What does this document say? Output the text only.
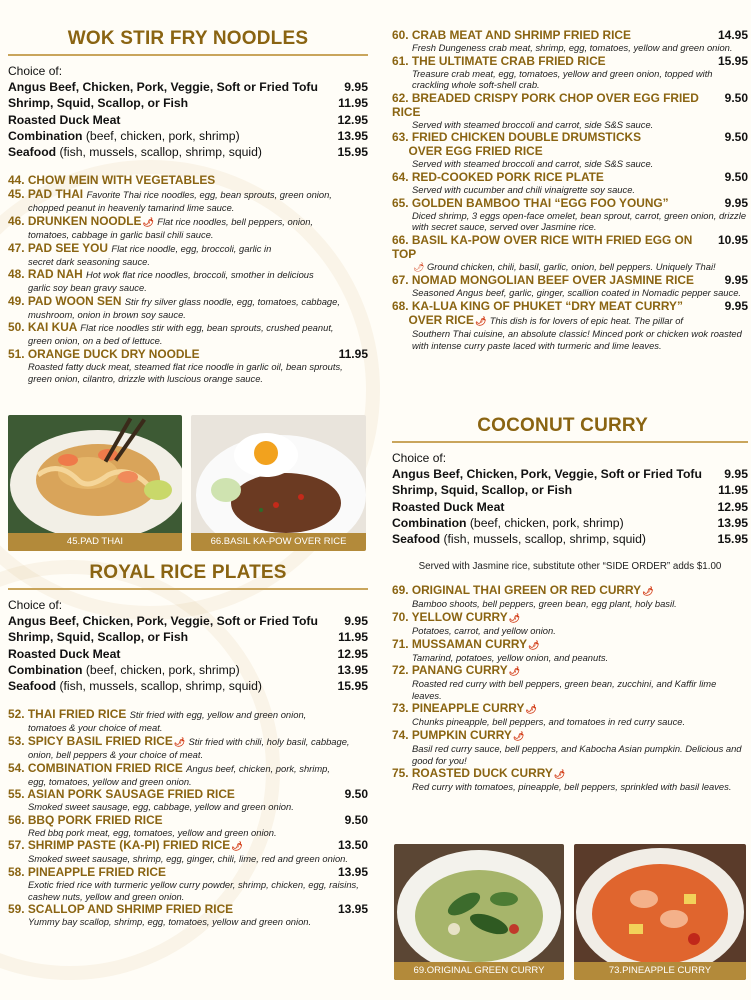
WOK STIR FRY NOODLES
Choice of:
Angus Beef, Chicken, Pork, Veggie, Soft or Fried Tofu 9.95
Shrimp, Squid, Scallop, or Fish	11.95
Roasted Duck Meat	12.95
Combination (beef, chicken, pork, shrimp)	13.95
Seafood (fish, mussels, scallop, shrimp, squid)	15.95
44. CHOW MEIN WITH VEGETABLES
45. PAD THAI Favorite Thai rice noodles, egg, bean sprouts, green onion,
chopped peanut in heavenly tamarind lime sauce.
46. DRUNKEN NOODLE🌶 Flat rice noodles, bell peppers, onion,
tomatoes, cabbage in garlic basil chili sauce.
47. PAD SEE YOU Flat rice noodle, egg, broccoli, garlic in
secret dark seasoning sauce.
48. RAD NAH Hot wok flat rice noodles, broccoli, smother in delicious
garlic soy bean gravy sauce.
49. PAD WOON SEN Stir fry silver glass noodle, egg, tomatoes, cabbage,
mushroom, onion in brown soy sauce.
50. KAI KUA Flat rice noodles stir with egg, bean sprouts, crushed peanut,
green onion, on a bed of lettuce.
51. ORANGE DUCK DRY NOODLE	11.95
Roasted fatty duck meat, steamed flat rice noodle in garlic oil, bean sprouts, green onion, cilantro, drizzle with luscious orange sauce.
45.PAD THAI	66.BASIL KA-POW OVER RICE
ROYAL RICE PLATES
Choice of:
Angus Beef, Chicken, Pork, Veggie, Soft or Fried Tofu 9.95
Shrimp, Squid, Scallop, or Fish	11.95
Roasted Duck Meat	12.95
Combination (beef, chicken, pork, shrimp)	13.95
Seafood (fish, mussels, scallop, shrimp, squid)	15.95
52. THAI FRIED RICE Stir fried with egg, yellow and green onion,
tomatoes & your choice of meat.
53. SPICY BASIL FRIED RICE🌶 Stir fried with chili, holy basil, cabbage,
onion, bell peppers & your choice of meat.
54. COMBINATION FRIED RICE Angus beef, chicken, pork, shrimp,
egg, tomatoes, yellow and green onion.
55. ASIAN PORK SAUSAGE FRIED RICE	9.50
Smoked sweet sausage, egg, cabbage, yellow and green onion.
56. BBQ PORK FRIED RICE	9.50
Red bbq pork meat, egg, tomatoes, yellow and green onion.
57. SHRIMP PASTE (KA-PI) FRIED RICE🌶	13.50
Smoked sweet sausage, shrimp, egg, ginger, chili, lime, red and green onion.
58. PINEAPPLE FRIED RICE	13.95
Exotic fried rice with turmeric yellow curry powder, shrimp, chicken, egg, raisins, cashew nuts, yellow and green onion.
59. SCALLOP AND SHRIMP FRIED RICE	13.95
Yummy bay scallop, shrimp, egg, tomatoes, yellow and green onion.
60. CRAB MEAT AND SHRIMP FRIED RICE	14.95
Fresh Dungeness crab meat, shrimp, egg, tomatoes, yellow and green onion.
61. THE ULTIMATE CRAB FRIED RICE	15.95
Treasure crab meat, egg, tomatoes, yellow and green onion, topped with crackling whole soft-shell crab.
62. BREADED CRISPY PORK CHOP OVER EGG FRIED RICE
9.50
Served with steamed broccoli and carrot, side S&S sauce.
63. FRIED CHICKEN DOUBLE DRUMSTICKS	9.50
OVER EGG FRIED RICE
Served with steamed broccoli and carrot, side S&S sauce.
64. RED-COOKED PORK RICE PLATE	9.50
Served with cucumber and chili vinaigrette soy sauce.
65. GOLDEN BAMBOO THAI “EGG FOO YOUNG”	9.95
Diced shrimp, 3 eggs open-face omelet, bean sprout, carrot, green onion, drizzle with secret sauce, served over Jasmine rice.
66. BASIL KA-POW OVER RICE WITH FRIED EGG ON TOP
10.95
🌶 Ground chicken, chili, basil, garlic, onion, bell peppers. Uniquely Thai!
67. NOMAD MONGOLIAN BEEF OVER JASMINE RICE	9.95
Seasoned Angus beef, garlic, ginger, scallion coated in Nomadic pepper sauce.
68. KA-LUA KING OF PHUKET “DRY MEAT CURRY”	9.95
OVER RICE🌶 This dish is for lovers of epic heat. The pillar of
Southern Thai cuisine, an absolute classic! Minced pork or chicken wok roasted with intense curry paste laced with turmeric and lime leaves.
COCONUT CURRY
Choice of:
Angus Beef, Chicken, Pork, Veggie, Soft or Fried Tofu 9.95
Shrimp, Squid, Scallop, or Fish	11.95
Roasted Duck Meat	12.95
Combination (beef, chicken, pork, shrimp)	13.95
Seafood (fish, mussels, scallop, shrimp, squid)	15.95
Served with Jasmine rice, substitute other “SIDE ORDER” adds $1.00
69. ORIGINAL THAI GREEN OR RED CURRY🌶
Bamboo shoots, bell peppers, green bean, egg plant, holy basil.
70. YELLOW CURRY🌶
Potatoes, carrot, and yellow onion.
71. MUSSAMAN CURRY🌶
Tamarind, potatoes, yellow onion, and peanuts.
72. PANANG CURRY🌶
Roasted red curry with bell peppers, green bean, zucchini, and Kaffir lime leaves.
73. PINEAPPLE CURRY🌶
Chunks pineapple, bell peppers, and tomatoes in red curry sauce.
74. PUMPKIN CURRY🌶
Basil red curry sauce, bell peppers, and Kabocha Asian pumpkin. Delicious and good for you!
75. ROASTED DUCK CURRY🌶
Red curry with tomatoes, pineapple, bell peppers, sprinkled with basil leaves.
69.ORIGINAL GREEN CURRY	73.PINEAPPLE CURRY
